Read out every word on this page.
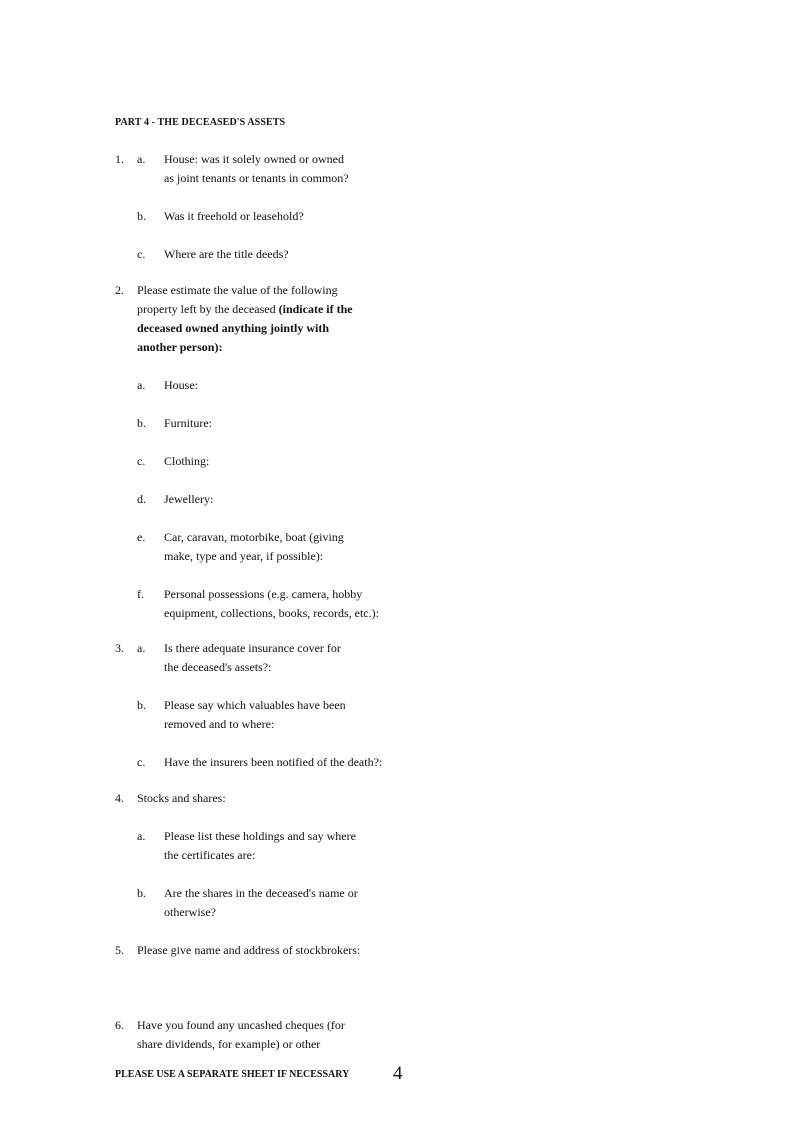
PART 4 - THE DECEASED'S ASSETS
1. a. House: was it solely owned or owned
as joint tenants or tenants in common?
b. Was it freehold or leasehold?
c. Where are the title deeds?
2. Please estimate the value of the following
property left by the deceased (indicate if the
deceased owned anything jointly with
another person):
a. House:
b. Furniture:
c. Clothing:
d. Jewellery:
e. Car, caravan, motorbike, boat (giving
make, type and year, if possible):
f. Personal possessions (e.g. camera, hobby
equipment, collections, books, records, etc.):
3. a. Is there adequate insurance cover for
the deceased's assets?:
b. Please say which valuables have been
removed and to where:
c. Have the insurers been notified of the death?:
4. Stocks and shares:
a. Please list these holdings and say where
the certificates are:
b. Are the shares in the deceased's name or
otherwise?
5. Please give name and address of stockbrokers:
6. Have you found any uncashed cheques (for
share dividends, for example) or other
PLEASE USE A SEPARATE SHEET IF NECESSARY 4
